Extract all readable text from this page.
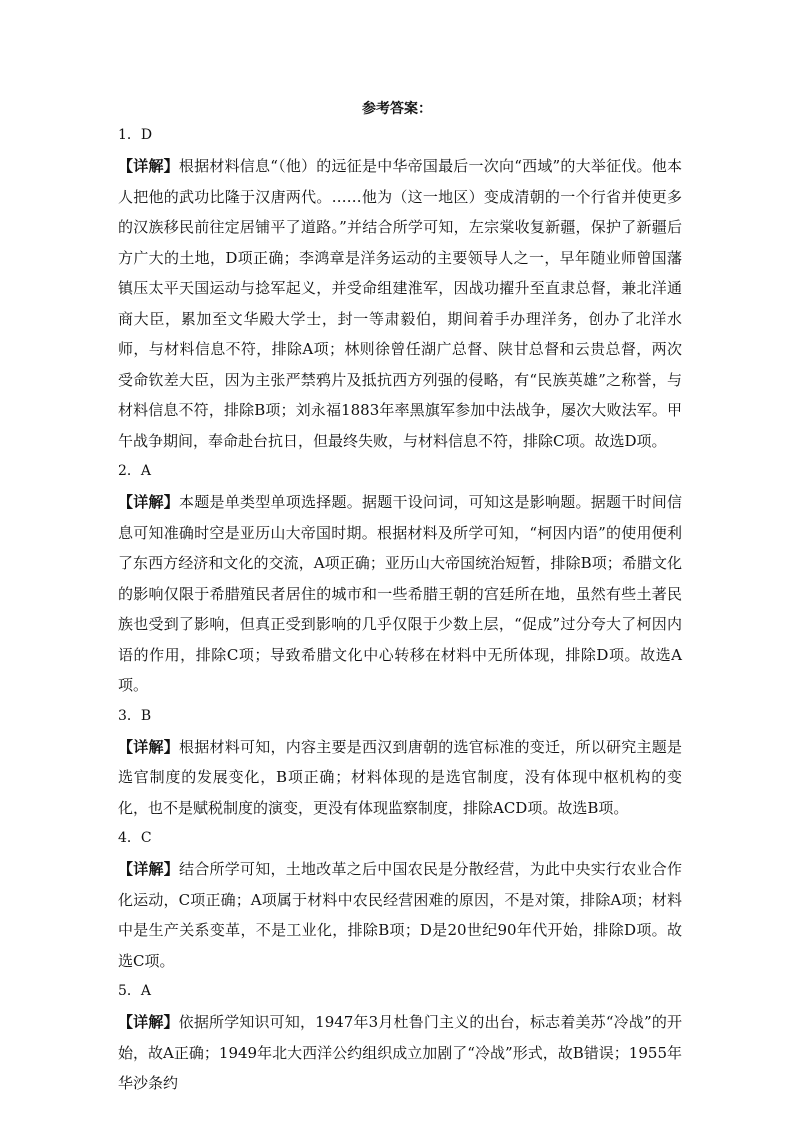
参考答案：

1．D

【详解】根据材料信息“（他）的远征是中华帝国最后一次向“西域”的大举征伐。他本人把他的武功比隆于汉唐两代。……他为（这一地区）变成清朝的一个行省并使更多的汉族移民前往定居铺平了道路。”并结合所学可知，左宗棠收复新疆，保护了新疆后方广大的土地，D项正确；李鸿章是洋务运动的主要领导人之一，早年随业师曾国藩镇压太平天国运动与捻军起义，并受命组建淮军，因战功擢升至直隶总督，兼北洋通商大臣，累加至文华殿大学士，封一等肃毅伯，期间着手办理洋务，创办了北洋水师，与材料信息不符，排除A项；林则徐曾任湖广总督、陕甘总督和云贵总督，两次受命钦差大臣，因为主张严禁鸦片及抵抗西方列强的侵略，有“民族英雄”之称誉，与材料信息不符，排除B项；刘永福1883年率黑旗军参加中法战争，屡次大败法军。甲午战争期间，奉命赴台抗日，但最终失败，与材料信息不符，排除C项。故选D项。

2．A

【详解】本题是单类型单项选择题。据题干设问词，可知这是影响题。据题干时间信息可知准确时空是亚历山大帝国时期。根据材料及所学可知，“柯因内语”的使用便利了东西方经济和文化的交流，A项正确；亚历山大帝国统治短暂，排除B项；希腊文化的影响仅限于希腊殖民者居住的城市和一些希腊王朝的宫廷所在地，虽然有些土著民族也受到了影响，但真正受到影响的几乎仅限于少数上层，“促成”过分夸大了柯因内语的作用，排除C项；导致希腊文化中心转移在材料中无所体现，排除D项。故选A项。

3．B

【详解】根据材料可知，内容主要是西汉到唐朝的选官标准的变迁，所以研究主题是选官制度的发展变化，B项正确；材料体现的是选官制度，没有体现中枢机构的变化，也不是赋税制度的演变，更没有体现监察制度，排除ACD项。故选B项。

4．C

【详解】结合所学可知，土地改革之后中国农民是分散经营，为此中央实行农业合作化运动，C项正确；A项属于材料中农民经营困难的原因，不是对策，排除A项；材料中是生产关系变革，不是工业化，排除B项；D是20世纪90年代开始，排除D项。故选C项。

5．A

【详解】依据所学知识可知，1947年3月杜鲁门主义的出台，标志着美苏“冷战”的开始，故A正确；1949年北大西洋公约组织成立加剧了“冷战”形式，故B错误；1955年华沙条约
